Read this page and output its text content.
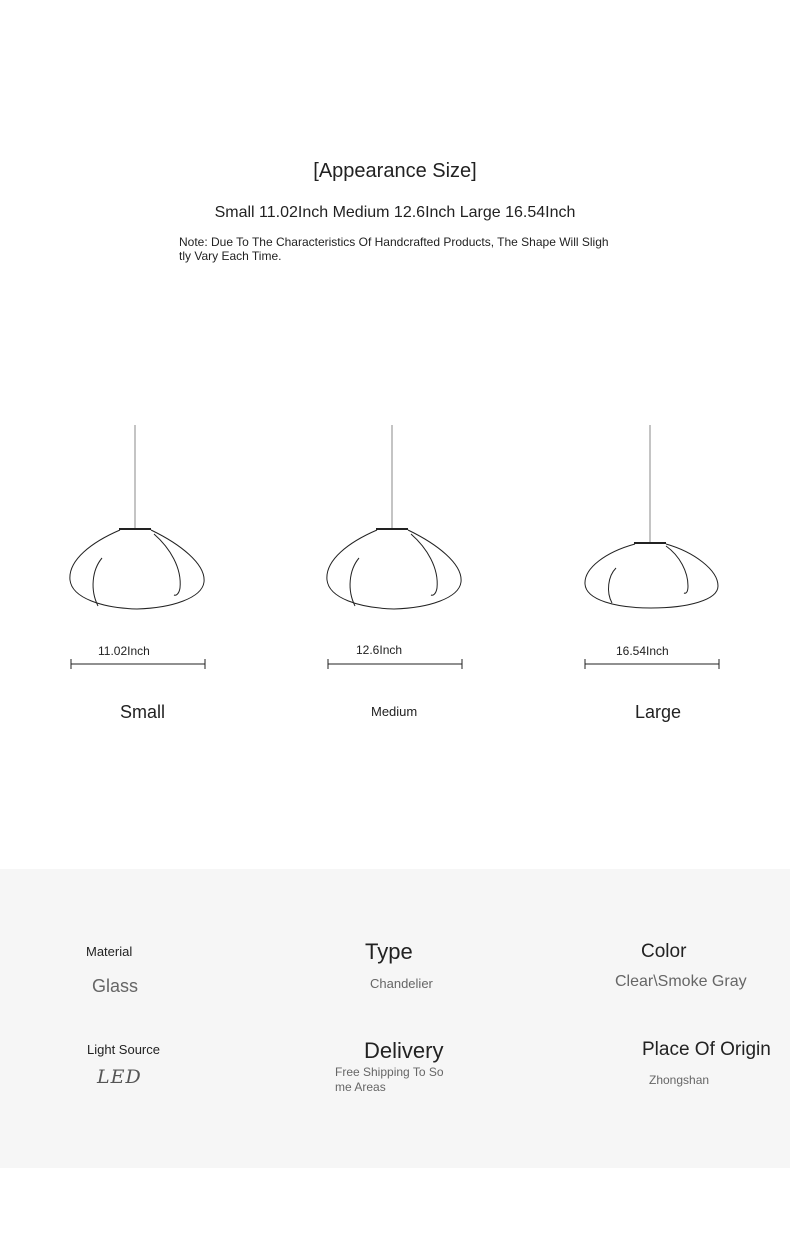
[Appearance Size]
Small 11.02Inch Medium 12.6Inch Large 16.54Inch
Note: Due To The Characteristics Of Handcrafted Products, The Shape Will Slightly Vary Each Time.
11.02Inch	12.6Inch	16.54Inch
Small	Medium	Large
Material
Glass
Type
Chandelier
Color
Clear\Smoke Gray
Light Source
LED
Delivery
Free Shipping To Some Areas
Place Of Origin
Zhongshan
